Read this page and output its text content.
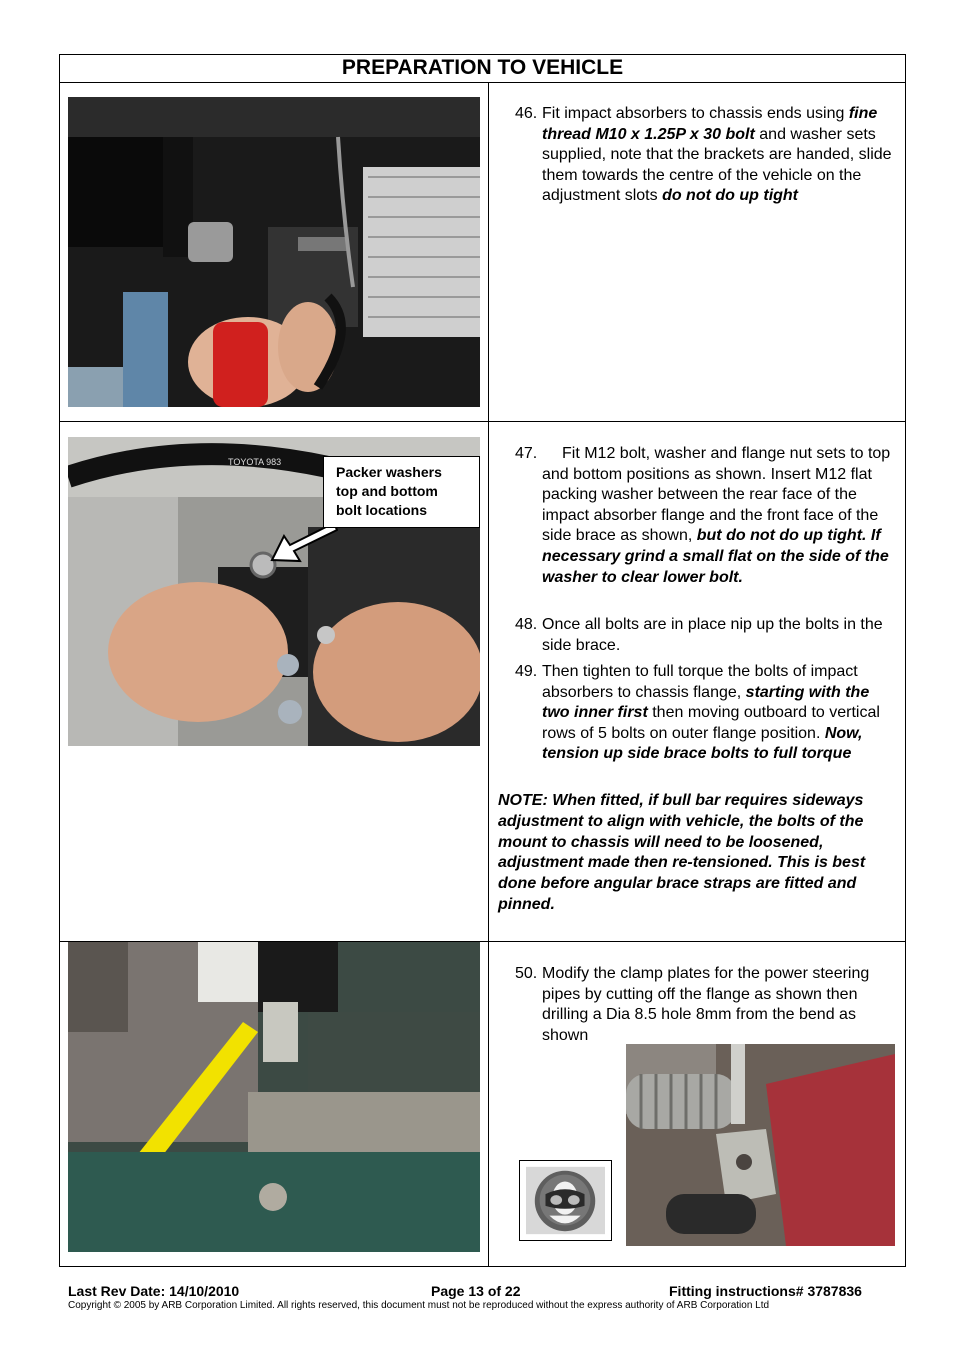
PREPARATION TO VEHICLE
TOYOTA 983
Packer washers
top and bottom
bolt locations
46. Fit impact absorbers to chassis ends using fine thread M10 x 1.25P x 30 bolt and washer sets supplied, note that the brackets are handed, slide them towards the centre of the vehicle on the adjustment slots do not do up tight
47.	Fit M12 bolt, washer and flange nut sets to top and bottom positions as shown. Insert M12 flat packing washer between the rear face of the impact absorber flange and the front face of the side brace as shown, but do not do up tight. If necessary grind a small flat on the side of the washer to clear lower bolt.
48. Once all bolts are in place nip up the bolts in the side brace.
49. Then tighten to full torque the bolts of impact absorbers to chassis flange, starting with the two inner first then moving outboard to vertical rows of 5 bolts on outer flange position. Now, tension up side brace bolts to full torque
NOTE: When fitted, if bull bar requires sideways adjustment to align with vehicle, the bolts of the mount to chassis will need to be loosened, adjustment made then re-tensioned. This is best done before angular brace straps are fitted and pinned.
50. Modify the clamp plates for the power steering pipes by cutting off the flange as shown then drilling a Dia 8.5 hole 8mm from the bend as shown
Last Rev Date: 14/10/2010	Page 13 of 22	Fitting instructions# 3787836
Copyright © 2005 by ARB Corporation Limited. All rights reserved, this document must not be reproduced without the express authority of ARB Corporation Ltd
